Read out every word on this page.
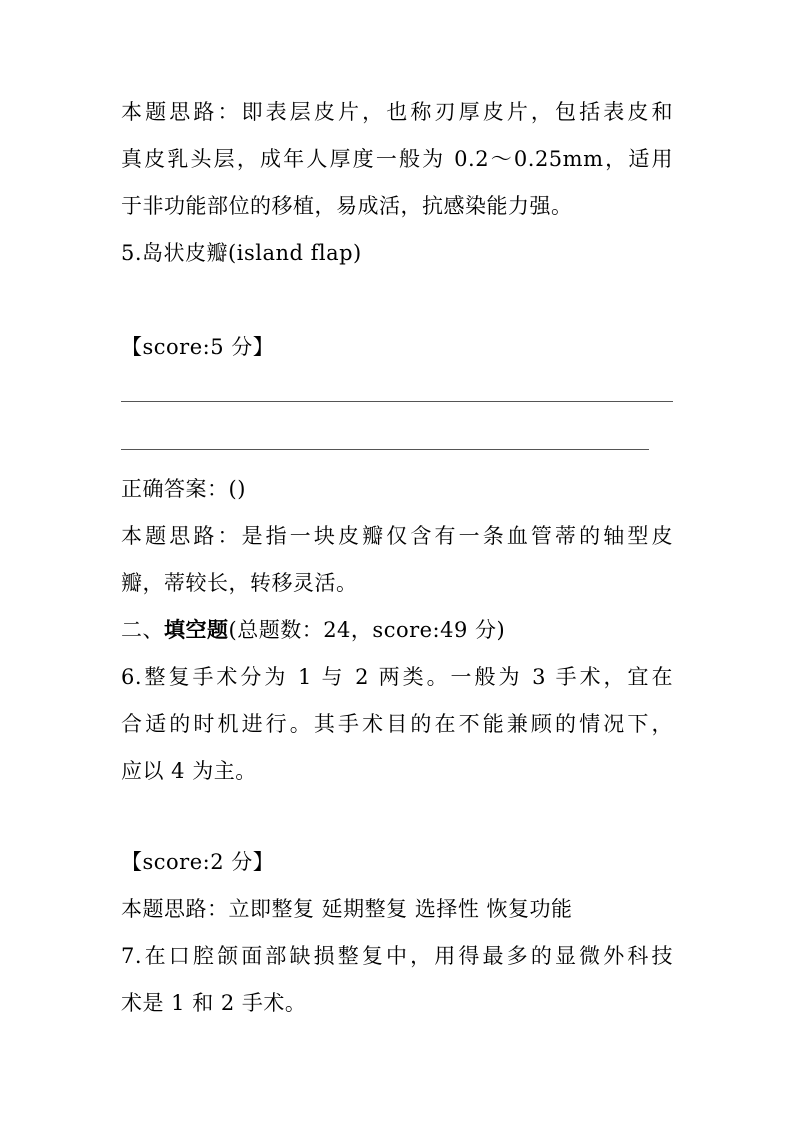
本题思路：即表层皮片，也称刃厚皮片，包括表皮和
真皮乳头层，成年人厚度一般为 0.2～0.25mm，适用
于非功能部位的移植，易成活，抗感染能力强。
5.岛状皮瓣(island flap)
【score:5 分】
正确答案：()
本题思路：是指一块皮瓣仅含有一条血管蒂的轴型皮
瓣，蒂较长，转移灵活。
二、填空题(总题数：24，score:49 分)
6.整复手术分为 1 与 2 两类。一般为 3 手术，宜在
合适的时机进行。其手术目的在不能兼顾的情况下，
应以 4 为主。
【score:2 分】
本题思路：立即整复 延期整复 选择性 恢复功能
7.在口腔颌面部缺损整复中，用得最多的显微外科技
术是 1 和 2 手术。
